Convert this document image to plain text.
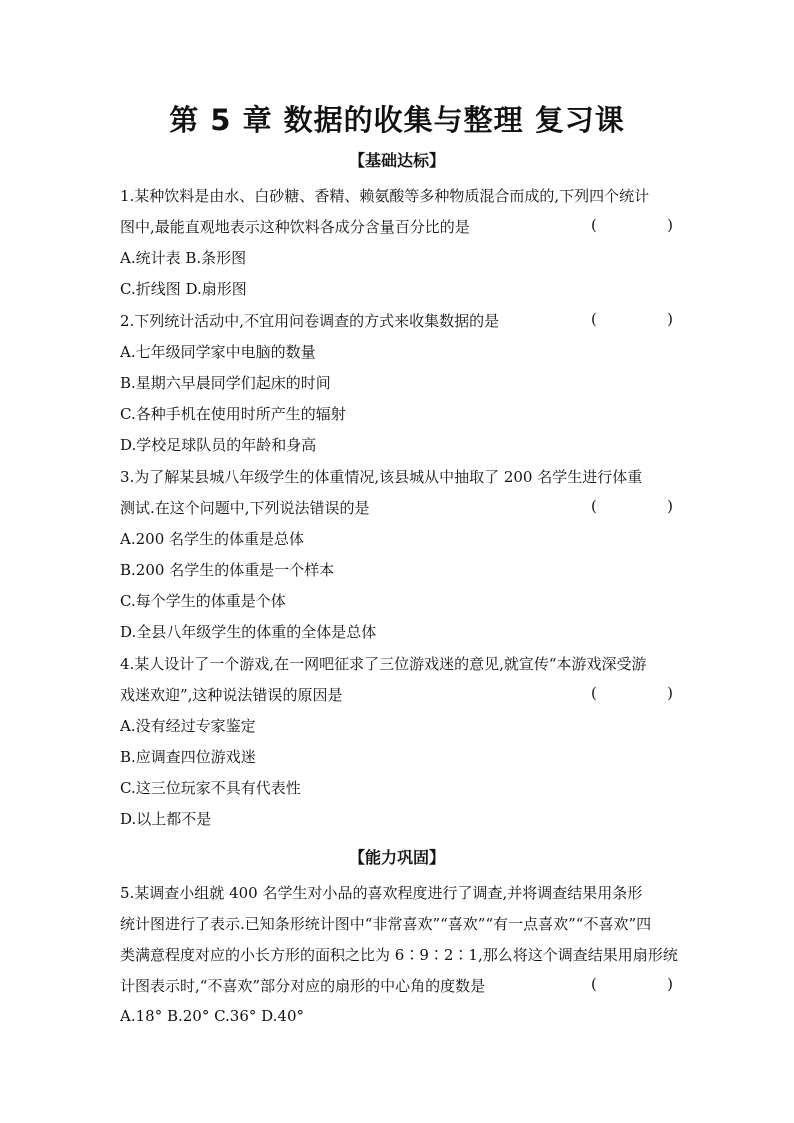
第 5 章 数据的收集与整理 复习课
【基础达标】
1.某种饮料是由水、白砂糖、香精、赖氨酸等多种物质混合而成的,下列四个统计
图中,最能直观地表示这种饮料各成分含量百分比的是	(	)
A.统计表 B.条形图
C.折线图 D.扇形图
2.下列统计活动中,不宜用问卷调查的方式来收集数据的是	(	)
A.七年级同学家中电脑的数量
B.星期六早晨同学们起床的时间
C.各种手机在使用时所产生的辐射
D.学校足球队员的年龄和身高
3.为了解某县城八年级学生的体重情况,该县城从中抽取了 200 名学生进行体重
测试.在这个问题中,下列说法错误的是	(	)
A.200 名学生的体重是总体
B.200 名学生的体重是一个样本
C.每个学生的体重是个体
D.全县八年级学生的体重的全体是总体
4.某人设计了一个游戏,在一网吧征求了三位游戏迷的意见,就宣传“本游戏深受游
戏迷欢迎”,这种说法错误的原因是	(	)
A.没有经过专家鉴定
B.应调查四位游戏迷
C.这三位玩家不具有代表性
D.以上都不是
【能力巩固】
5.某调查小组就 400 名学生对小品的喜欢程度进行了调查,并将调查结果用条形
统计图进行了表示.已知条形统计图中“非常喜欢”“喜欢”“有一点喜欢”“不喜欢”四
类满意程度对应的小长方形的面积之比为 6∶9∶2∶1,那么将这个调查结果用扇形统
计图表示时,“不喜欢”部分对应的扇形的中心角的度数是	(	)
A.18° B.20° C.36° D.40°
